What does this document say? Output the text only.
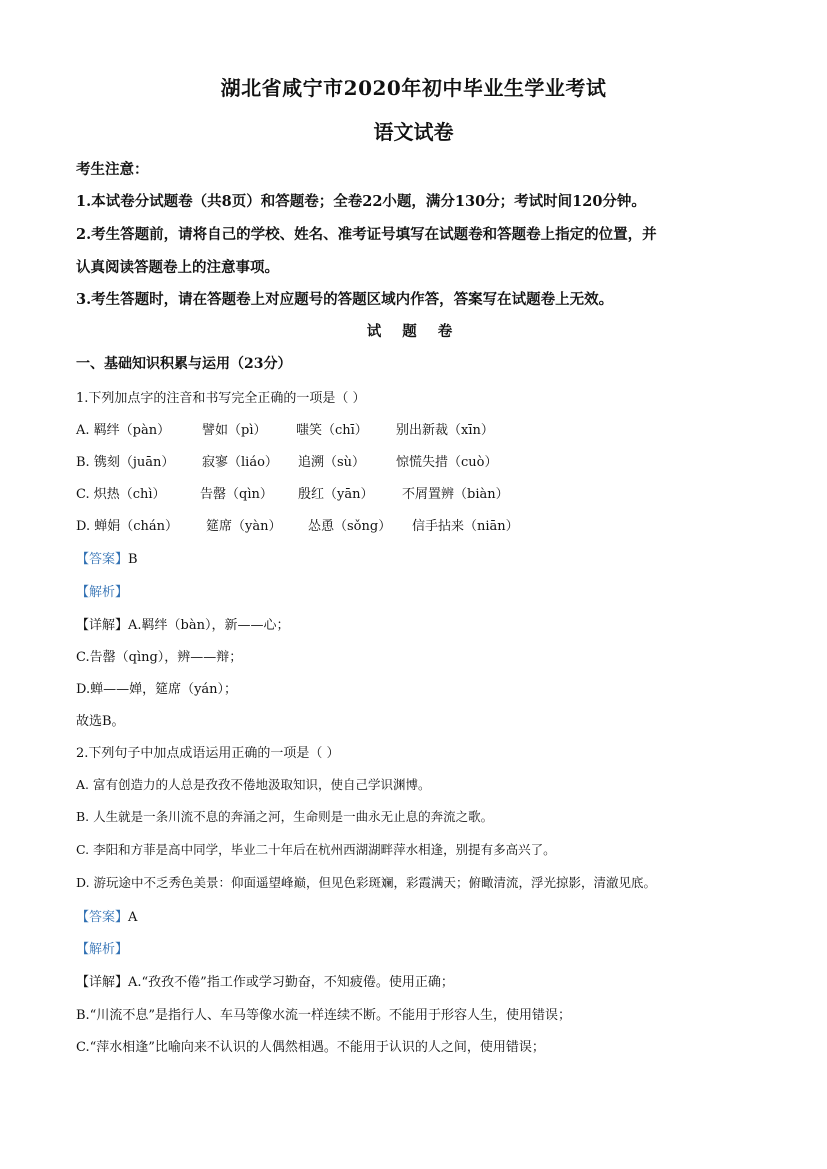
湖北省咸宁市2020年初中毕业生学业考试
语文试卷
考生注意：
1.本试卷分试题卷（共8页）和答题卷；全卷22小题，满分130分；考试时间120分钟。
2.考生答题前，请将自己的学校、姓名、准考证号填写在试题卷和答题卷上指定的位置，并
认真阅读答题卷上的注意事项。
3.考生答题时，请在答题卷上对应题号的答题区域内作答，答案写在试题卷上无效。
试 题 卷
一、基础知识积累与运用（23分）
1.下列加点字的注音和书写完全正确的一项是（ ）
A. 羁绊（pàn） 譬如（pì） 嗤笑（chī） 别出新裁（xīn）
B. 镌刻（juān） 寂寥（liáo） 追溯（sù） 惊慌失措（cuò）
C. 炽热（chì）	告罄（qìn） 殷红（yān） 不屑置辨（biàn）
D. 蝉娟（chán） 筵席（yàn） 怂恿（sǒng） 信手拈来（niān）
【答案】B
【解析】
【详解】A.羁绊（bàn），新——心；
C.告罄（qìng），辨——辩；
D.蝉——婵，筵席（yán）；
故选B。
2.下列句子中加点成语运用正确的一项是（ ）
A. 富有创造力的人总是孜孜不倦地汲取知识，使自己学识渊博。
B. 人生就是一条川流不息的奔涌之河，生命则是一曲永无止息的奔流之歌。
C. 李阳和方菲是高中同学，毕业二十年后在杭州西湖湖畔萍水相逢，别提有多高兴了。
D. 游玩途中不乏秀色美景：仰面遥望峰巅，但见色彩斑斓，彩霞满天；俯瞰清流，浮光掠影，清澈见底。
【答案】A
【解析】
【详解】A.“孜孜不倦”指工作或学习勤奋，不知疲倦。使用正确；
B.“川流不息”是指行人、车马等像水流一样连续不断。不能用于形容人生，使用错误；
C.“萍水相逢”比喻向来不认识的人偶然相遇。不能用于认识的人之间，使用错误；
